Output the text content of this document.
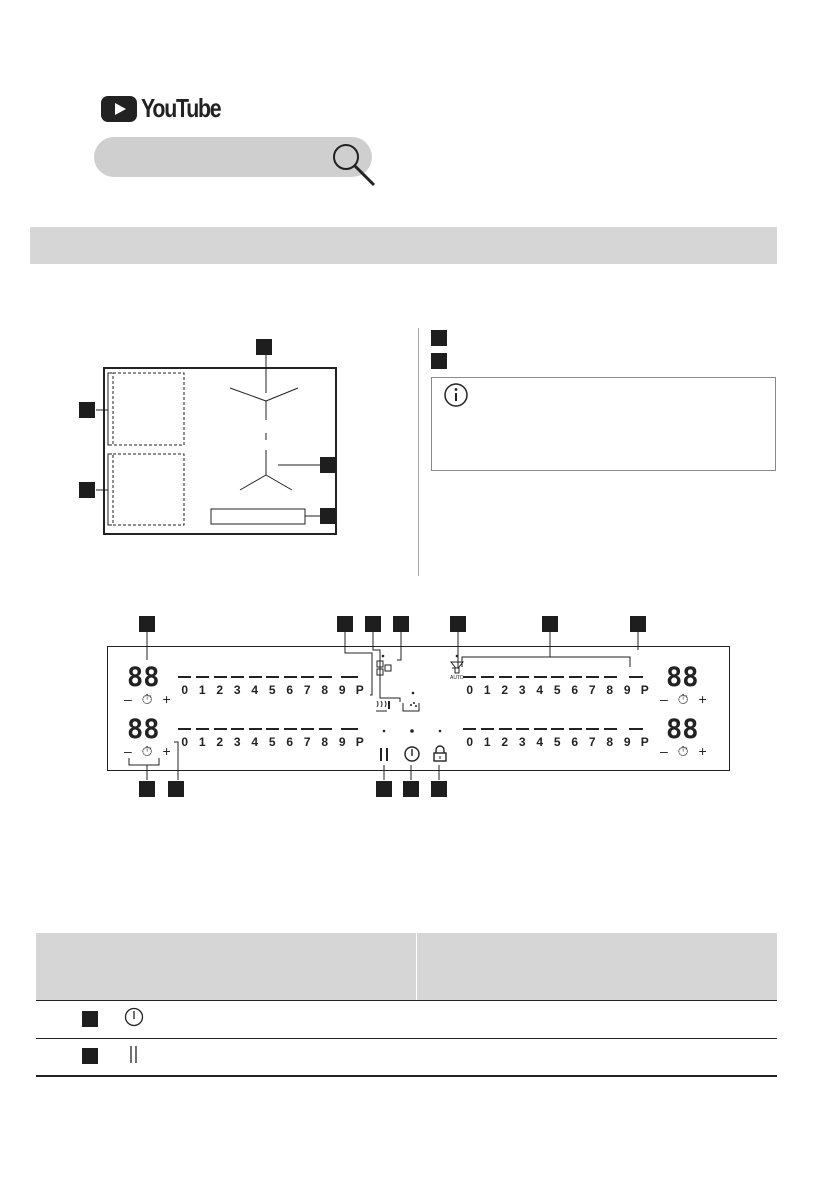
YouTube
88
– ⏱ +
88
– ⏱ +
88
– ⏱ +
88
– ⏱ +
0 1 2 3 4 5 6 7 8 9 P
0 1 2 3 4 5 6 7 8 9 P
0 1 2 3 4 5 6 7 8 9 P
0 1 2 3 4 5 6 7 8 9 P
AUTO
